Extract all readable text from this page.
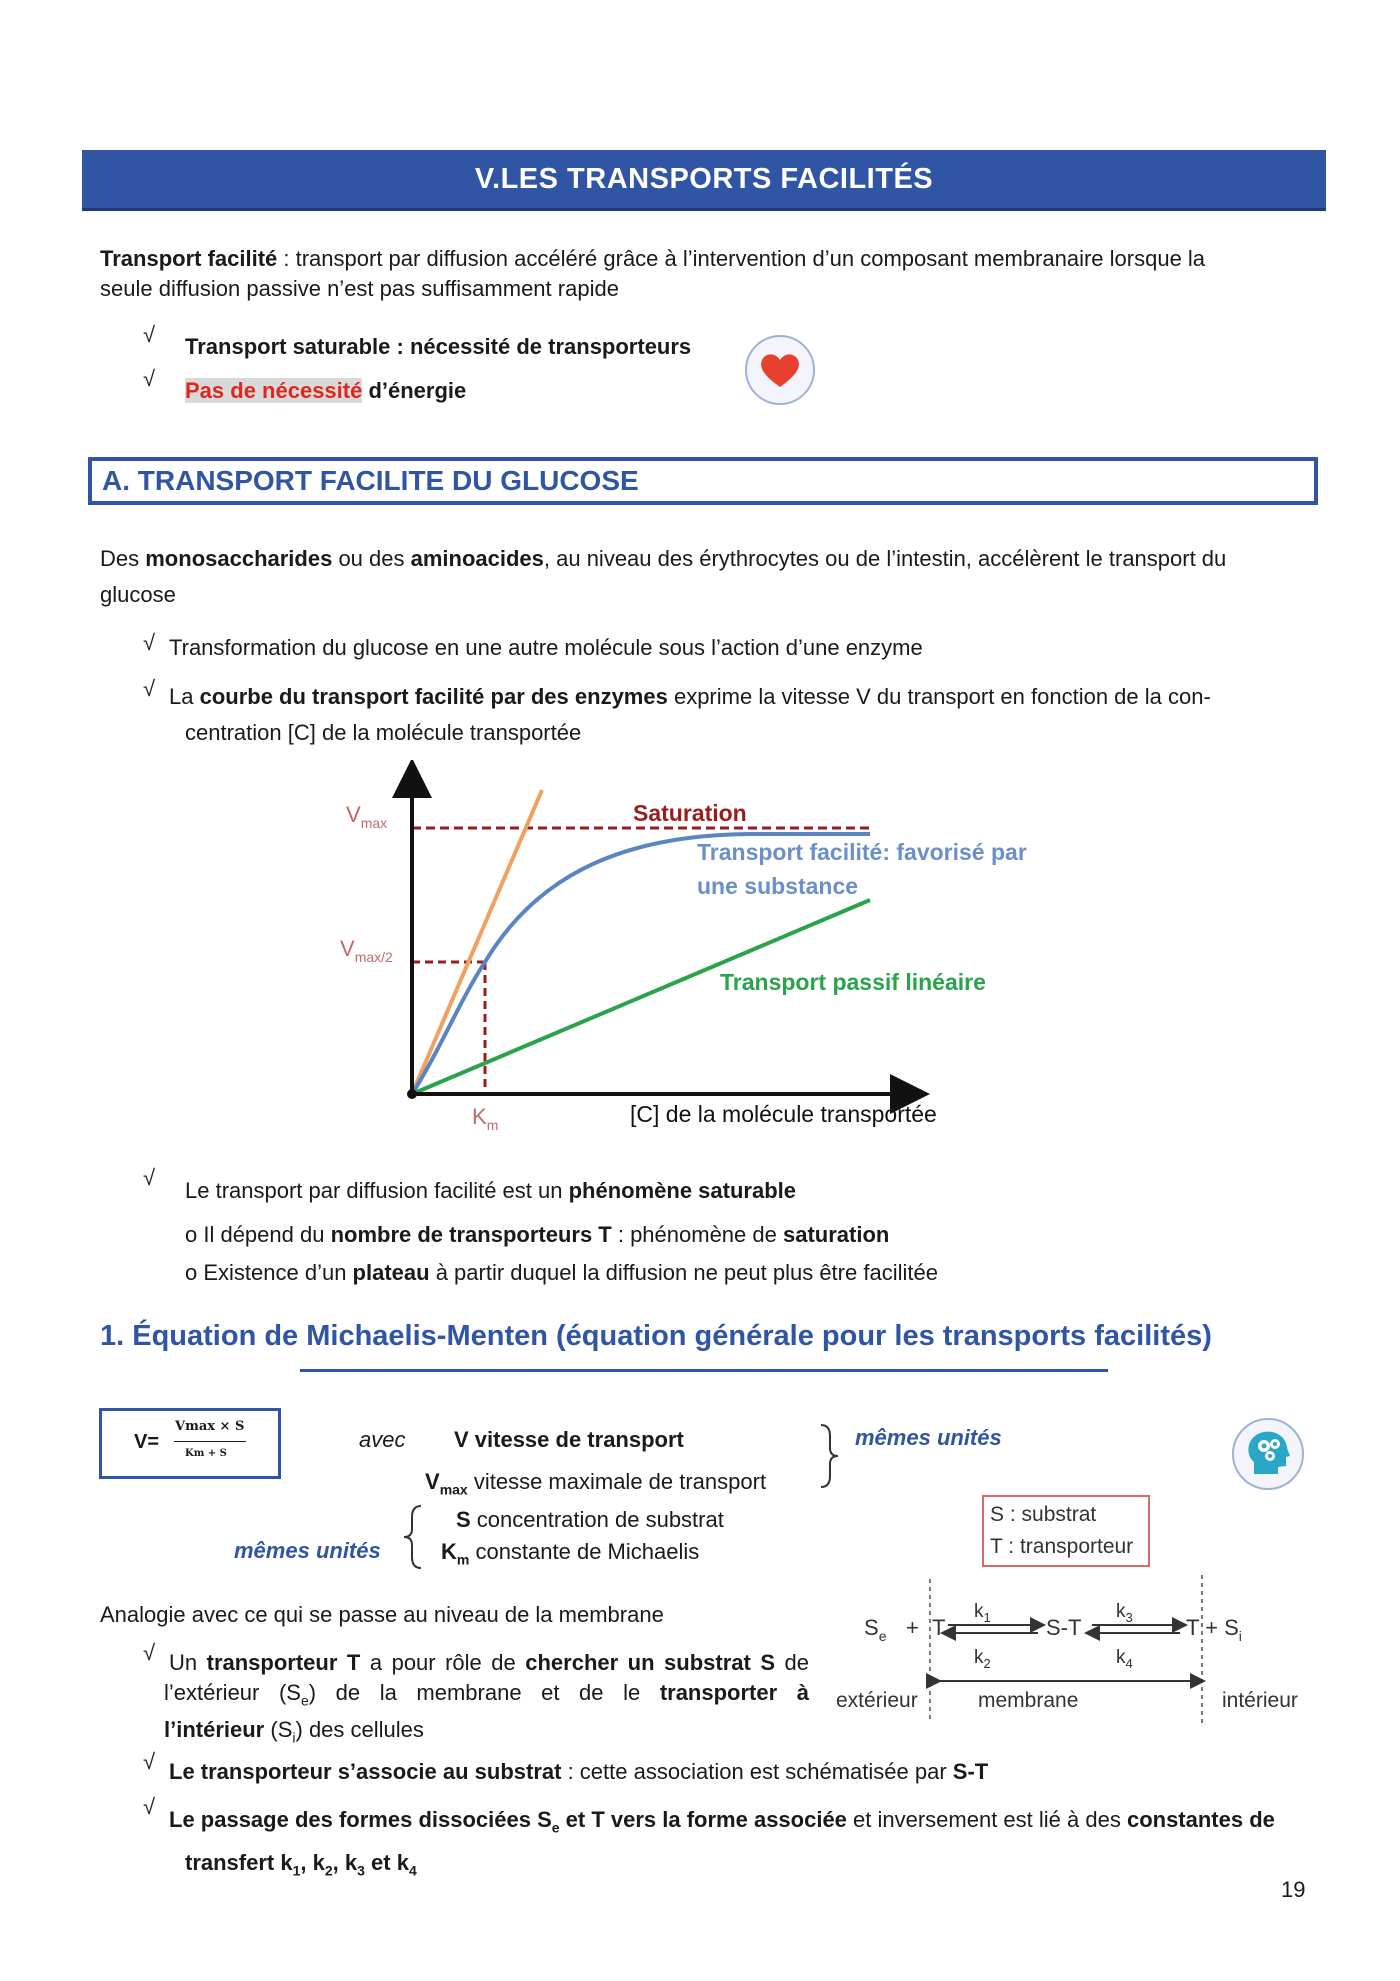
V.LES TRANSPORTS FACILITÉS
Transport facilité : transport par diffusion accéléré grâce à l’intervention d’un composant membranaire lorsque la
seule diffusion passive n’est pas suffisamment rapide
√ Transport saturable : nécessité de transporteurs
√ Pas de nécessité d’énergie
A. TRANSPORT FACILITE DU GLUCOSE
Des monosaccharides ou des aminoacides, au niveau des érythrocytes ou de l’intestin, accélèrent le transport du
glucose
√ Transformation du glucose en une autre molécule sous l’action d’une enzyme
√ La courbe du transport facilité par des enzymes exprime la vitesse V du transport en fonction de la con-
centration [C] de la molécule transportée
$V_{max}$
$V_{max/2}$
$K_m$
Saturation
Transport facilité: favorisé par
une substance
Transport passif linéaire
[C] de la molécule transportée
√
Le transport par diffusion facilité est un phénomène saturable
o Il dépend du nombre de transporteurs T : phénomène de saturation
o Existence d’un plateau à partir duquel la diffusion ne peut plus être facilitée
1. Équation de Michaelis-Menten (équation générale pour les transports facilités)
V=
Vmax × S
Km + S
avec V vitesse de transport
$V_{max}$ vitesse maximale de transport
mêmes unités
S concentration de substrat
$K_m$ constante de Michaelis
mêmes unités
S : substrat
T : transporteur
$S_e + T$
$k_1$
$k_2$
S-T
$k_3$
$k_4$
$T + S_i$
extérieur	membrane	intérieur
Analogie avec ce qui se passe au niveau de la membrane
√ Un transporteur T a pour rôle de chercher un substrat S de
l’extérieur $(S_e)$ de la membrane et de le transporter à
l’intérieur $(S_i)$ des cellules
√ Le transporteur s’associe au substrat : cette association est schématisée par S-T
√
Le passage des formes dissociées $S_e$ et T vers la forme associée et inversement est lié à des constantes de
transfert $k_1$, $k_2$, $k_3$ et $k_4$
19
